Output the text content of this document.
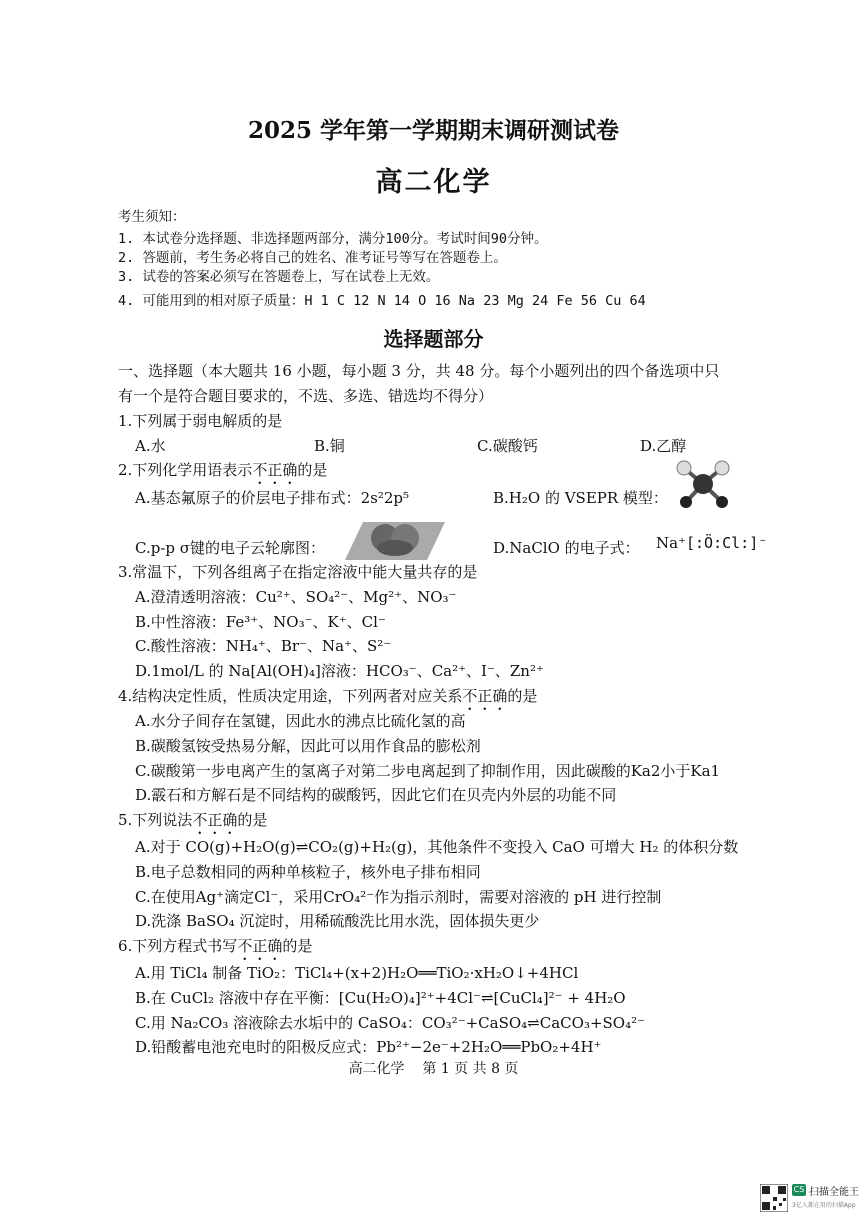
2025 学年第一学期期末调研测试卷
高二化学
考生须知：
1. 本试卷分选择题、非选择题两部分，满分100分。考试时间90分钟。
2. 答题前，考生务必将自己的姓名、准考证号等写在答题卷上。
3. 试卷的答案必须写在答题卷上，写在试卷上无效。
4. 可能用到的相对原子质量：H 1 C 12 N 14 O 16 Na 23 Mg 24 Fe 56 Cu 64
选择题部分
一、选择题（本大题共 16 小题，每小题 3 分，共 48 分。每个小题列出的四个备选项中只
有一个是符合题目要求的，不选、多选、错选均不得分）
1.下列属于弱电解质的是
A.水	B.铜	C.碳酸钙	D.乙醇
2.下列化学用语表示不正确的是
A.基态氟原子的价层电子排布式：2s²2p⁵	B.H₂O 的 VSEPR 模型：
C.p-p σ键的电子云轮廓图：	D.NaClO 的电子式： Na⁺[:Ö:Cl:]⁻
3.常温下，下列各组离子在指定溶液中能大量共存的是
A.澄清透明溶液：Cu²⁺、SO₄²⁻、Mg²⁺、NO₃⁻
B.中性溶液：Fe³⁺、NO₃⁻、K⁺、Cl⁻
C.酸性溶液：NH₄⁺、Br⁻、Na⁺、S²⁻
D.1mol/L 的 Na[Al(OH)₄]溶液：HCO₃⁻、Ca²⁺、I⁻、Zn²⁺
4.结构决定性质，性质决定用途，下列两者对应关系不正确的是
A.水分子间存在氢键，因此水的沸点比硫化氢的高
B.碳酸氢铵受热易分解，因此可以用作食品的膨松剂
C.碳酸第一步电离产生的氢离子对第二步电离起到了抑制作用，因此碳酸的Ka2小于Ka1
D.霰石和方解石是不同结构的碳酸钙，因此它们在贝壳内外层的功能不同
5.下列说法不正确的是
A.对于 CO(g)+H₂O(g)⇌CO₂(g)+H₂(g)，其他条件不变投入 CaO 可增大 H₂ 的体积分数
B.电子总数相同的两种单核粒子，核外电子排布相同
C.在使用Ag⁺滴定Cl⁻，采用CrO₄²⁻作为指示剂时，需要对溶液的 pH 进行控制
D.洗涤 BaSO₄ 沉淀时，用稀硫酸洗比用水洗，固体损失更少
6.下列方程式书写不正确的是
A.用 TiCl₄ 制备 TiO₂：TiCl₄+(x+2)H₂O══TiO₂·xH₂O↓+4HCl
B.在 CuCl₂ 溶液中存在平衡：[Cu(H₂O)₄]²⁺+4Cl⁻⇌[CuCl₄]²⁻ + 4H₂O
C.用 Na₂CO₃ 溶液除去水垢中的 CaSO₄：CO₃²⁻+CaSO₄⇌CaCO₃+SO₄²⁻
D.铅酸蓄电池充电时的阳极反应式：Pb²⁺−2e⁻+2H₂O══PbO₂+4H⁺
高二化学    第 1 页 共 8 页
CS 扫描全能王
3亿人都在用的扫描App
